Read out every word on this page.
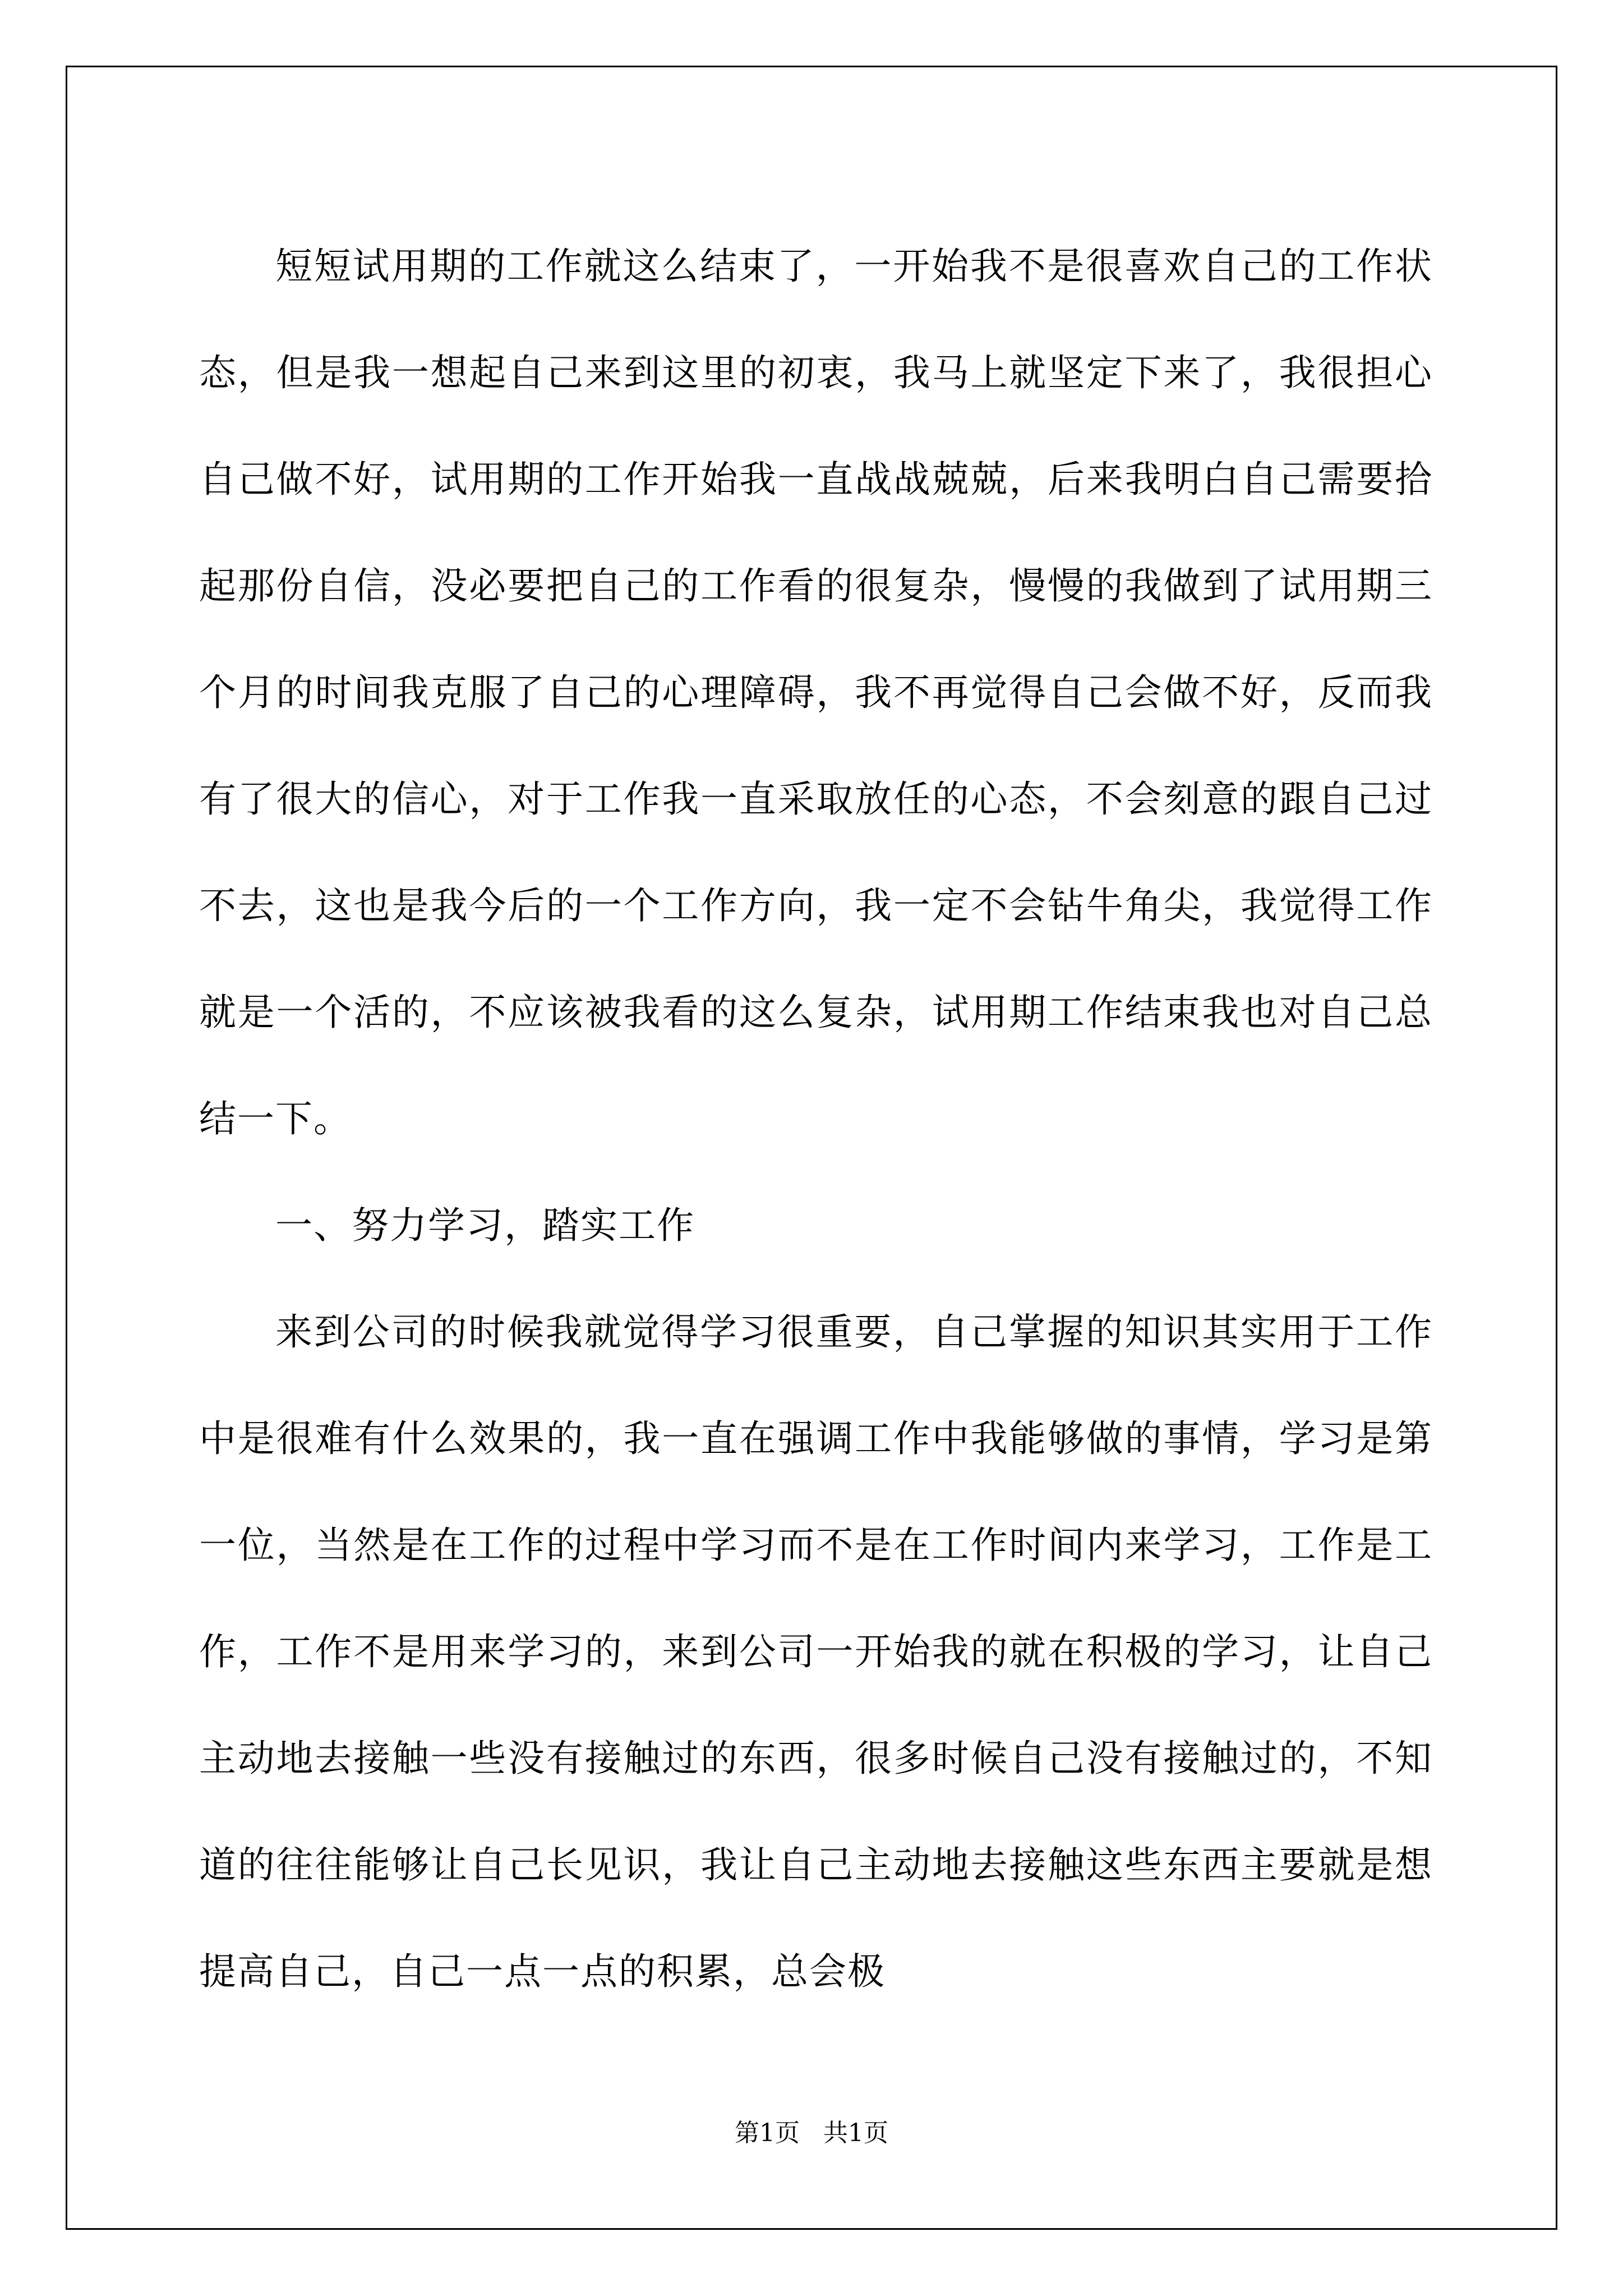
短短试用期的工作就这么结束了，一开始我不是很喜欢自己的工作状态，但是我一想起自己来到这里的初衷，我马上就坚定下来了，我很担心自己做不好，试用期的工作开始我一直战战兢兢，后来我明白自己需要拾起那份自信，没必要把自己的工作看的很复杂，慢慢的我做到了试用期三个月的时间我克服了自己的心理障碍，我不再觉得自己会做不好，反而我有了很大的信心，对于工作我一直采取放任的心态，不会刻意的跟自己过不去，这也是我今后的一个工作方向，我一定不会钻牛角尖，我觉得工作就是一个活的，不应该被我看的这么复杂，试用期工作结束我也对自己总结一下。

一、努力学习，踏实工作

来到公司的时候我就觉得学习很重要，自己掌握的知识其实用于工作中是很难有什么效果的，我一直在强调工作中我能够做的事情，学习是第一位，当然是在工作的过程中学习而不是在工作时间内来学习，工作是工作，工作不是用来学习的，来到公司一开始我的就在积极的学习，让自己主动地去接触一些没有接触过的东西，很多时候自己没有接触过的，不知道的往往能够让自己长见识，我让自己主动地去接触这些东西主要就是想提高自己，自己一点一点的积累，总会极

第1页 共1页
